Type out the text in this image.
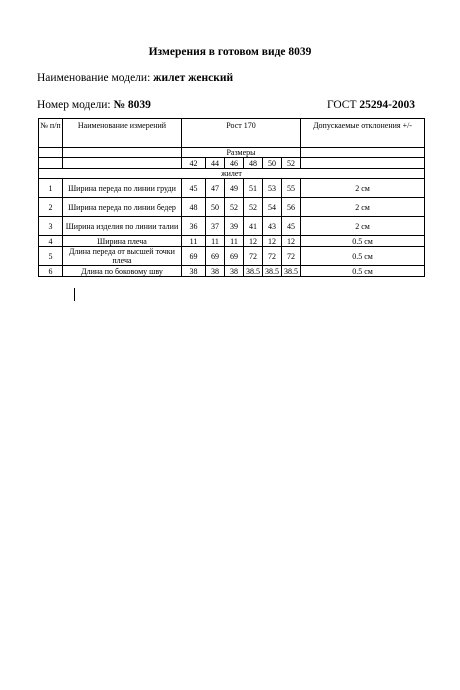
Измерения в готовом виде 8039
Наименование модели: жилет женский
Номер модели: № 8039	ГОСТ 25294-2003
№ п/п	Наименование измерений	Рост 170						Допускаемые отклонения +/-
		Размеры						
		42	44	46	48	50	52	
жилет								
1	Ширина переда по линии груди	45	47	49	51	53	55	2 см
2	Ширина переда по линии бедер	48	50	52	52	54	56	2 см
3	Ширина изделия по линии талии	36	37	39	41	43	45	2 см
4	Ширина плеча	11	11	11	12	12	12	0.5 см
5	Длина переда от высшей точки плеча	69	69	69	72	72	72	0.5 см
6	Длина по боковому шву	38	38	38	38.5	38.5	38.5	0.5 см
